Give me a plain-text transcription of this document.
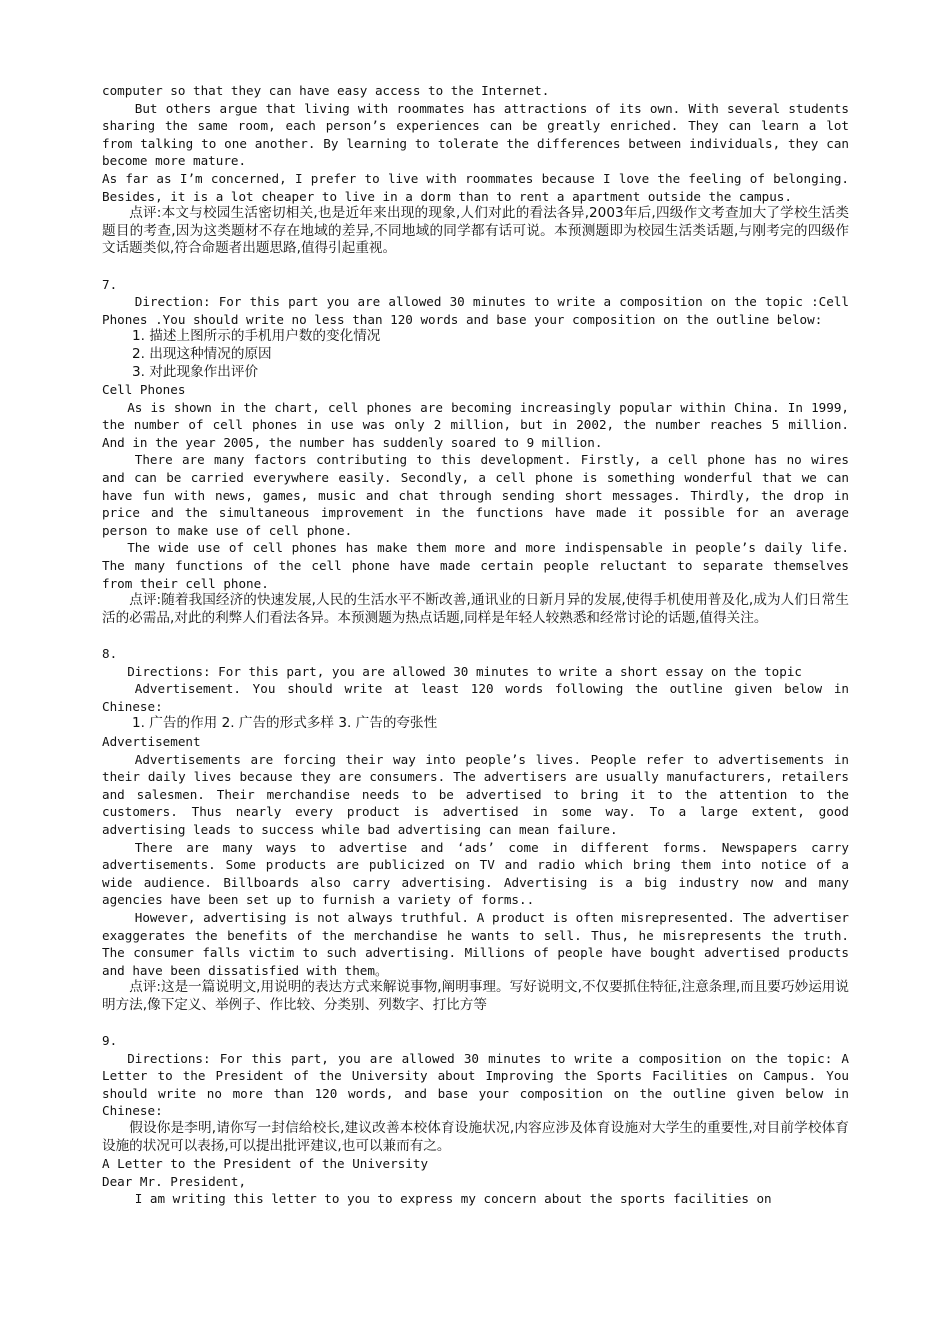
computer so that they can have easy access to the Internet.

But others argue that living with roommates has attractions of its own. With several students sharing the same room, each person’s experiences can be greatly enriched. They can learn a lot from talking to one another. By learning to tolerate the differences between individuals, they can become more mature.

As far as I’m concerned, I prefer to live with roommates because I love the feeling of belonging. Besides, it is a lot cheaper to live in a dorm than to rent a apartment outside the campus.

点评:本文与校园生活密切相关,也是近年来出现的现象,人们对此的看法各异,2003年后,四级作文考查加大了学校生活类题目的考查,因为这类题材不存在地域的差异,不同地域的同学都有话可说。本预测题即为校园生活类话题,与刚考完的四级作文话题类似,符合命题者出题思路,值得引起重视。

7.

Direction: For this part you are allowed 30 minutes to write a composition on the topic :Cell Phones .You should write no less than 120 words and base your composition on the outline below:

1. 描述上图所示的手机用户数的变化情况

2. 出现这种情况的原因

3. 对此现象作出评价

Cell Phones

As is shown in the chart, cell phones are becoming increasingly popular within China. In 1999, the number of cell phones in use was only 2 million, but in 2002, the number reaches 5 million. And in the year 2005, the number has suddenly soared to 9 million.

There are many factors contributing to this development. Firstly, a cell phone has no wires and can be carried everywhere easily. Secondly, a cell phone is something wonderful that we can have fun with news, games, music and chat through sending short messages. Thirdly, the drop in price and the simultaneous improvement in the functions have made it possible for an average person to make use of cell phone.

The wide use of cell phones has make them more and more indispensable in people’s daily life. The many functions of the cell phone have made certain people reluctant to separate themselves from their cell phone.

点评:随着我国经济的快速发展,人民的生活水平不断改善,通讯业的日新月异的发展,使得手机使用普及化,成为人们日常生活的必需品,对此的利弊人们看法各异。本预测题为热点话题,同样是年轻人较熟悉和经常讨论的话题,值得关注。

8.

Directions: For this part, you are allowed 30 minutes to write a short essay on the topic

Advertisement. You should write at least 120 words following the outline given below in Chinese:

1. 广告的作用 2. 广告的形式多样 3. 广告的夸张性

Advertisement

Advertisements are forcing their way into people’s lives. People refer to advertisements in their daily lives because they are consumers. The advertisers are usually manufacturers, retailers and salesmen. Their merchandise needs to be advertised to bring it to the attention to the customers. Thus nearly every product is advertised in some way. To a large extent, good advertising leads to success while bad advertising can mean failure.

There are many ways to advertise and ‘ads’ come in different forms. Newspapers carry advertisements. Some products are publicized on TV and radio which bring them into notice of a wide audience. Billboards also carry advertising. Advertising is a big industry now and many agencies have been set up to furnish a variety of forms..

However, advertising is not always truthful. A product is often misrepresented. The advertiser exaggerates the benefits of the merchandise he wants to sell. Thus, he misrepresents the truth. The consumer falls victim to such advertising. Millions of people have bought advertised products and have been dissatisfied with them。

点评:这是一篇说明文,用说明的表达方式来解说事物,阐明事理。写好说明文,不仅要抓住特征,注意条理,而且要巧妙运用说明方法,像下定义、举例子、作比较、分类别、列数字、打比方等

9.

Directions: For this part, you are allowed 30 minutes to write a composition on the topic: A Letter to the President of the University about Improving the Sports Facilities on Campus. You should write no more than 120 words, and base your composition on the outline given below in Chinese:

假设你是李明,请你写一封信给校长,建议改善本校体育设施状况,内容应涉及体育设施对大学生的重要性,对目前学校体育设施的状况可以表扬,可以提出批评建议,也可以兼而有之。

A Letter to the President of the University

Dear Mr. President,

I am writing this letter to you to express my concern about the sports facilities on
